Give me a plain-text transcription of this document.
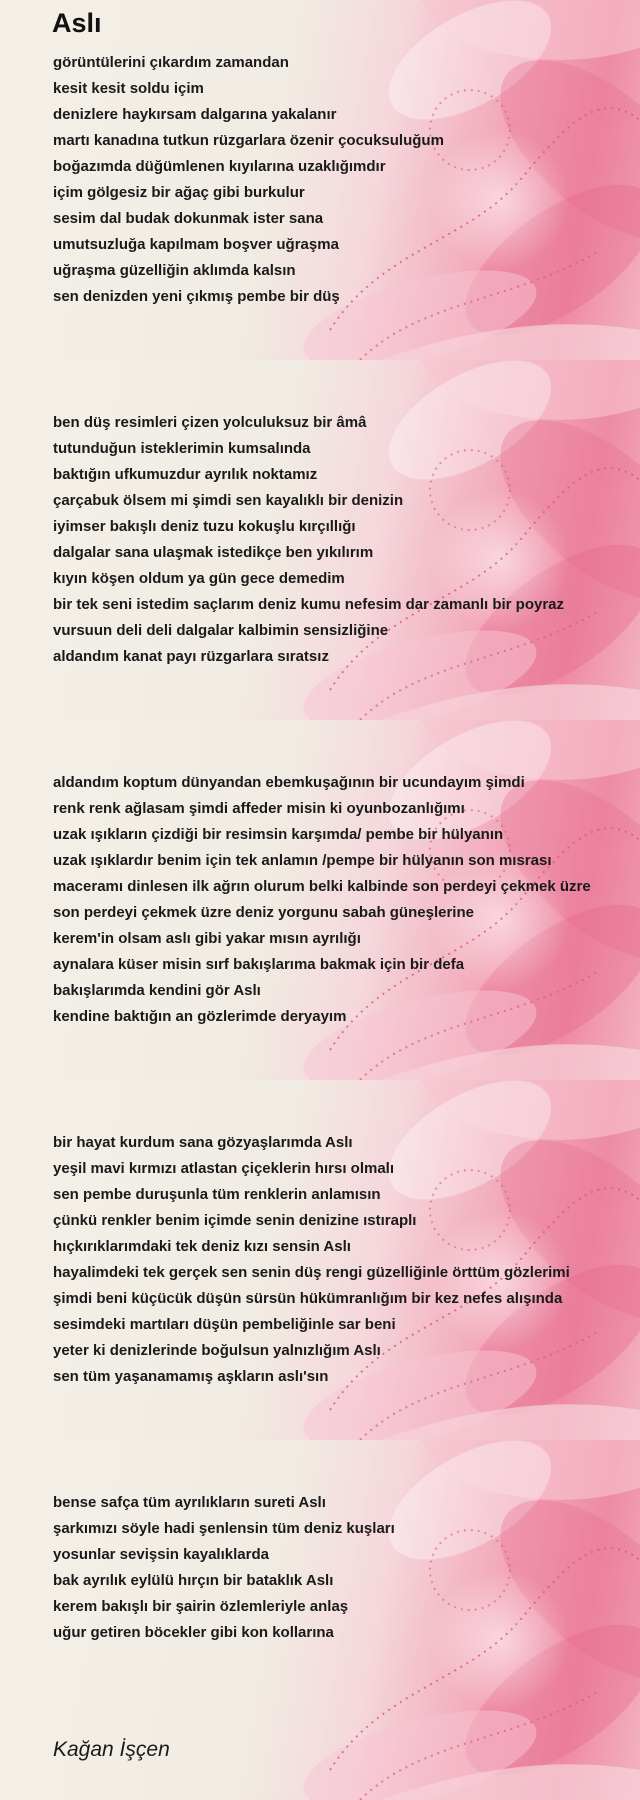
Aslı
görüntülerini çıkardım zamandan
kesit kesit soldu içim
denizlere haykırsam dalgarına yakalanır
martı kanadına tutkun rüzgarlara özenir çocuksuluğum
boğazımda düğümlenen kıyılarına uzaklığımdır
içim gölgesiz bir ağaç gibi burkulur
sesim dal budak dokunmak ister sana
umutsuzluğa kapılmam boşver uğraşma
uğraşma güzelliğin aklımda kalsın
sen denizden yeni çıkmış pembe bir düş
ben düş resimleri çizen yolculuksuz bir âmâ
tutunduğun isteklerimin kumsalında
baktığın ufkumuzdur ayrılık noktamız
çarçabuk ölsem mi şimdi sen kayalıklı bir denizin
iyimser bakışlı deniz tuzu kokuşlu kırçıllığı
dalgalar sana ulaşmak istedikçe ben yıkılırım
kıyın köşen oldum ya gün gece demedim
bir tek seni istedim saçlarım deniz kumu nefesim dar zamanlı bir poyraz
vursuun deli deli dalgalar kalbimin sensizliğine
aldandım kanat payı rüzgarlara sıratsız
aldandım koptum dünyandan ebemkuşağının bir ucundayım şimdi
renk renk ağlasam şimdi affeder misin ki oyunbozanlığımı
uzak ışıkların çizdiği bir resimsin karşımda/ pembe bir hülyanın
uzak ışıklardır benim için tek anlamın /pempe bir hülyanın son mısrası
maceramı dinlesen ilk ağrın olurum belki kalbinde son perdeyi çekmek üzre
son perdeyi çekmek üzre deniz yorgunu sabah güneşlerine
kerem'in olsam aslı gibi yakar mısın ayrılığı
aynalara küser misin sırf bakışlarıma bakmak için bir defa
bakışlarımda kendini gör Aslı
kendine baktığın an gözlerimde deryayım
bir hayat kurdum sana gözyaşlarımda Aslı
yeşil mavi kırmızı atlastan çiçeklerin hırsı olmalı
sen pembe duruşunla tüm renklerin anlamısın
çünkü renkler benim içimde senin denizine ıstıraplı
hıçkırıklarımdaki tek deniz kızı sensin Aslı
hayalimdeki tek gerçek sen senin düş rengi güzelliğinle örttüm gözlerimi
şimdi beni küçücük düşün sürsün hükümranlığım bir kez nefes alışında
sesimdeki martıları düşün pembeliğinle sar beni
yeter ki denizlerinde boğulsun yalnızlığım Aslı
sen tüm yaşanamamış aşkların aslı'sın
bense safça tüm ayrılıkların sureti Aslı
şarkımızı söyle hadi şenlensin tüm deniz kuşları
yosunlar sevişsin kayalıklarda
bak ayrılık eylülü hırçın bir bataklık Aslı
kerem bakışlı bir şairin özlemleriyle anlaş
uğur getiren böcekler gibi kon kollarına
Kağan İşçen
